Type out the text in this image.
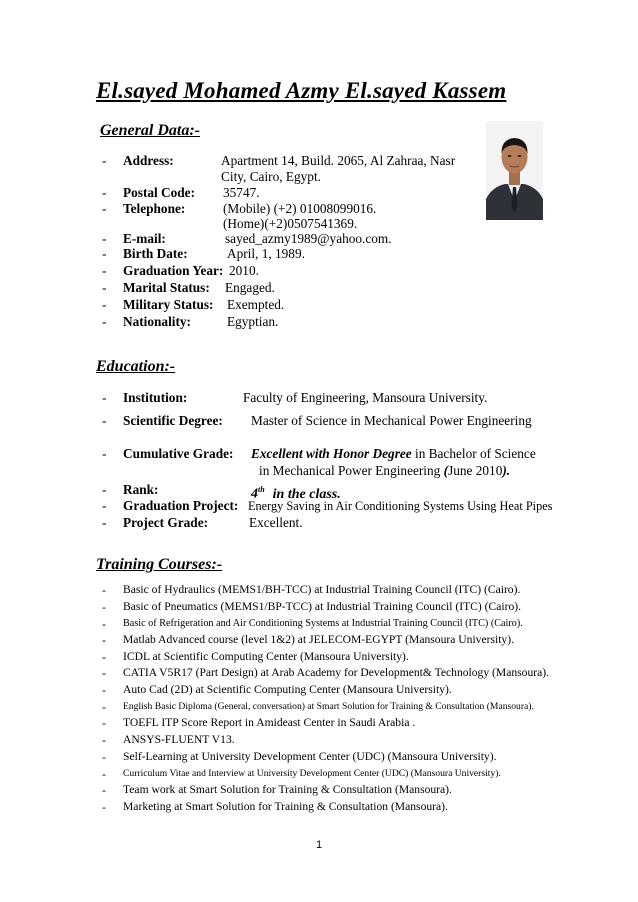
El.sayed Mohamed Azmy El.sayed Kassem
General Data:-
- Address:	Apartment 14, Build. 2065, Al Zahraa, Nasr
City, Cairo, Egypt.
- Postal Code: 35747.
- Telephone:	(Mobile) (+2) 01008099016.
(Home)(+2)0507541369.
- E-mail:	sayed_azmy1989@yahoo.com.
- Birth Date:	April, 1, 1989.
- Graduation Year: 2010.
- Marital Status: Engaged.
- Military Status: Exempted.
- Nationality:	Egyptian.
Education:-
- Institution:	Faculty of Engineering, Mansoura University.
- Scientific Degree: Master of Science in Mechanical Power Engineering
- Cumulative Grade: Excellent with Honor Degree in Bachelor of Science
in Mechanical Power Engineering (June 2010).
- Rank:	4th in the class.
- Graduation Project: Energy Saving in Air Conditioning Systems Using Heat Pipes
- Project Grade:	Excellent.
Training Courses:-
- Basic of Hydraulics (MEMS1/BH-TCC) at Industrial Training Council (ITC) (Cairo).
- Basic of Pneumatics (MEMS1/BP-TCC) at Industrial Training Council (ITC) (Cairo).
- Basic of Refrigeration and Air Conditioning Systems at Industrial Training Council (ITC) (Cairo).
- Matlab Advanced course (level 1&2) at JELECOM-EGYPT (Mansoura University).
- ICDL at Scientific Computing Center (Mansoura University).
- CATIA V5R17 (Part Design) at Arab Academy for Development& Technology (Mansoura).
- Auto Cad (2D) at Scientific Computing Center (Mansoura University).
- English Basic Diploma (General, conversation) at Smart Solution for Training & Consultation (Mansoura).
- TOEFL ITP Score Report in Amideast Center in Saudi Arabia .
- ANSYS-FLUENT V13.
- Self-Learning at University Development Center (UDC) (Mansoura University).
- Curriculum Vitae and Interview at University Development Center (UDC) (Mansoura University).
- Team work at Smart Solution for Training & Consultation (Mansoura).
- Marketing at Smart Solution for Training & Consultation (Mansoura).
1
